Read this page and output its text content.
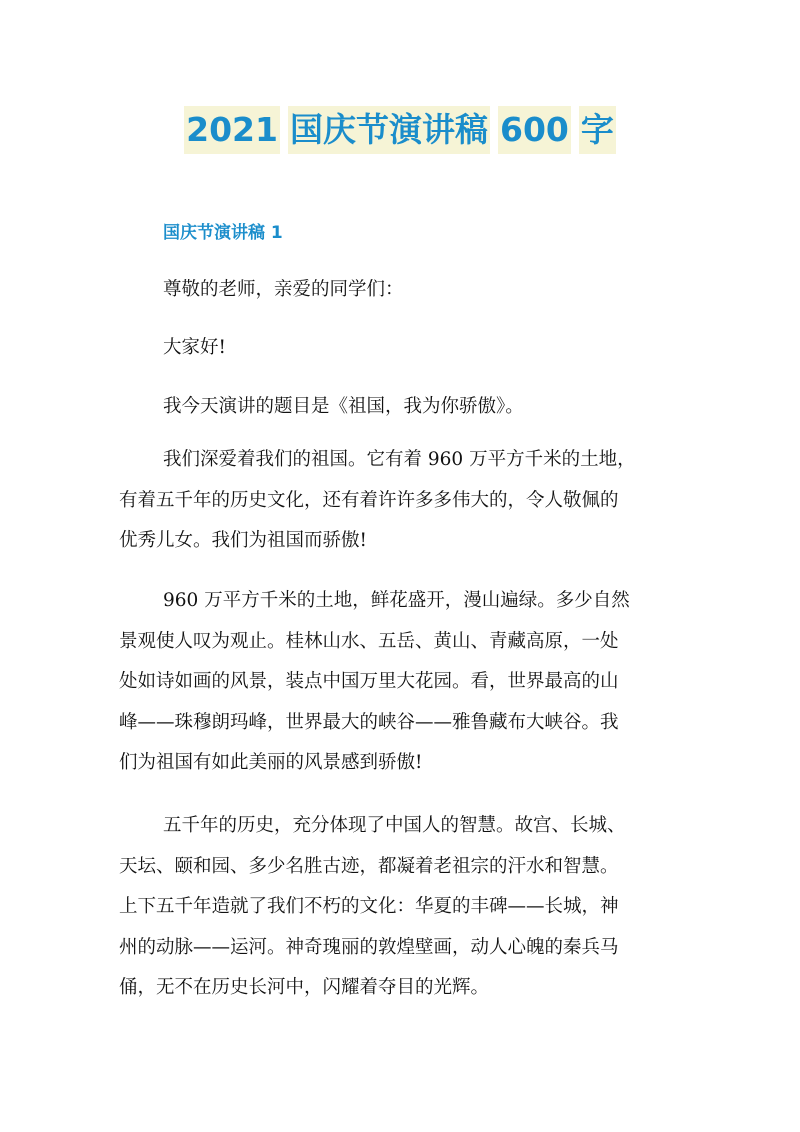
2021 国庆节演讲稿 600 字
国庆节演讲稿 1
尊敬的老师，亲爱的同学们：
大家好!
我今天演讲的题目是《祖国，我为你骄傲》。
我们深爱着我们的祖国。它有着 960 万平方千米的土地，
有着五千年的历史文化，还有着许许多多伟大的，令人敬佩的
优秀儿女。我们为祖国而骄傲!
960 万平方千米的土地，鲜花盛开，漫山遍绿。多少自然
景观使人叹为观止。桂林山水、五岳、黄山、青藏高原，一处
处如诗如画的风景，装点中国万里大花园。看，世界最高的山
峰——珠穆朗玛峰，世界最大的峡谷——雅鲁藏布大峡谷。我
们为祖国有如此美丽的风景感到骄傲!
五千年的历史，充分体现了中国人的智慧。故宫、长城、
天坛、颐和园、多少名胜古迹，都凝着老祖宗的汗水和智慧。
上下五千年造就了我们不朽的文化：华夏的丰碑——长城，神
州的动脉——运河。神奇瑰丽的敦煌壁画，动人心魄的秦兵马
俑，无不在历史长河中，闪耀着夺目的光辉。
